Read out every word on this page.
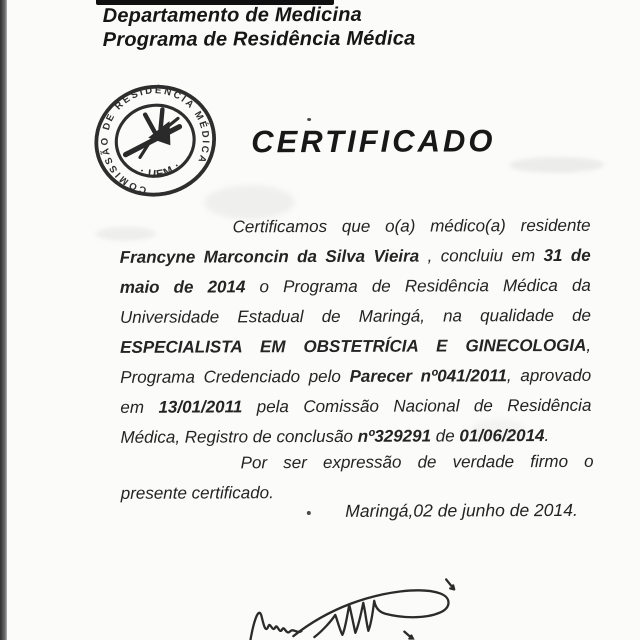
Departamento de Medicina
Programa de Residência Médica
COMISSÃO DE RESIDÊNCIA MÉDICA
· UEM ·
CERTIFICADO

Certificamos que o(a) médico(a) residente Francyne Marconcin da Silva Vieira , concluiu em 31 de maio de 2014 o Programa de Residência Médica da Universidade Estadual de Maringá, na qualidade de ESPECIALISTA EM OBSTETRÍCIA E GINECOLOGIA, Programa Credenciado pelo Parecer nº041/2011, aprovado em 13/01/2011 pela Comissão Nacional de Residência Médica, Registro de conclusão nº329291 de 01/06/2014.

Por ser expressão de verdade firmo o presente certificado.

Maringá,02 de junho de 2014.
